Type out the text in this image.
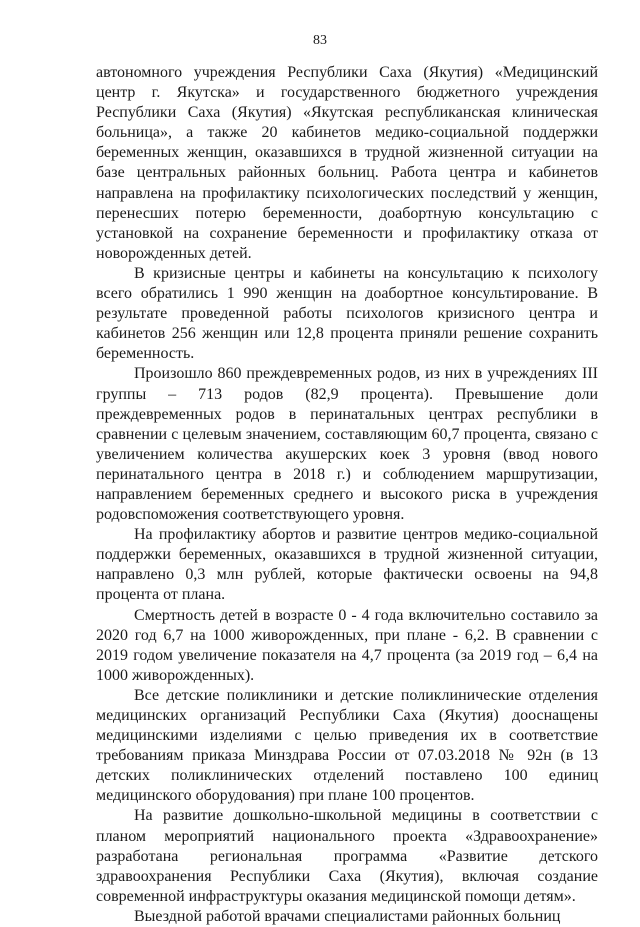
83

автономного учреждения Республики Саха (Якутия) «Медицинский центр г. Якутска» и государственного бюджетного учреждения Республики Саха (Якутия) «Якутская республиканская клиническая больница», а также 20 кабинетов медико-социальной поддержки беременных женщин, оказавшихся в трудной жизненной ситуации на базе центральных районных больниц. Работа центра и кабинетов направлена на профилактику психологических последствий у женщин, перенесших потерю беременности, доабортную консультацию с установкой на сохранение беременности и профилактику отказа от новорожденных детей.

В кризисные центры и кабинеты на консультацию к психологу всего обратились 1 990 женщин на доабортное консультирование. В результате проведенной работы психологов кризисного центра и кабинетов 256 женщин или 12,8 процента приняли решение сохранить беременность.

Произошло 860 преждевременных родов, из них в учреждениях III группы – 713 родов (82,9 процента). Превышение доли преждевременных родов в перинатальных центрах республики в сравнении с целевым значением, составляющим 60,7 процента, связано с увеличением количества акушерских коек 3 уровня (ввод нового перинатального центра в 2018 г.) и соблюдением маршрутизации, направлением беременных среднего и высокого риска в учреждения родовспоможения соответствующего уровня.

На профилактику абортов и развитие центров медико-социальной поддержки беременных, оказавшихся в трудной жизненной ситуации, направлено 0,3 млн рублей, которые фактически освоены на 94,8 процента от плана.

Смертность детей в возрасте 0 - 4 года включительно составило за 2020 год 6,7 на 1000 живорожденных, при плане - 6,2. В сравнении с 2019 годом увеличение показателя на 4,7 процента (за 2019 год – 6,4 на 1000 живорожденных).

Все детские поликлиники и детские поликлинические отделения медицинских организаций Республики Саха (Якутия) дооснащены медицинскими изделиями с целью приведения их в соответствие требованиям приказа Минздрава России от 07.03.2018 № 92н (в 13 детских поликлинических отделений поставлено 100 единиц медицинского оборудования) при плане 100 процентов.

На развитие дошкольно-школьной медицины в соответствии с планом мероприятий национального проекта «Здравоохранение» разработана региональная программа «Развитие детского здравоохранения Республики Саха (Якутия), включая создание современной инфраструктуры оказания медицинской помощи детям».

Выездной работой врачами специалистами районных больниц
